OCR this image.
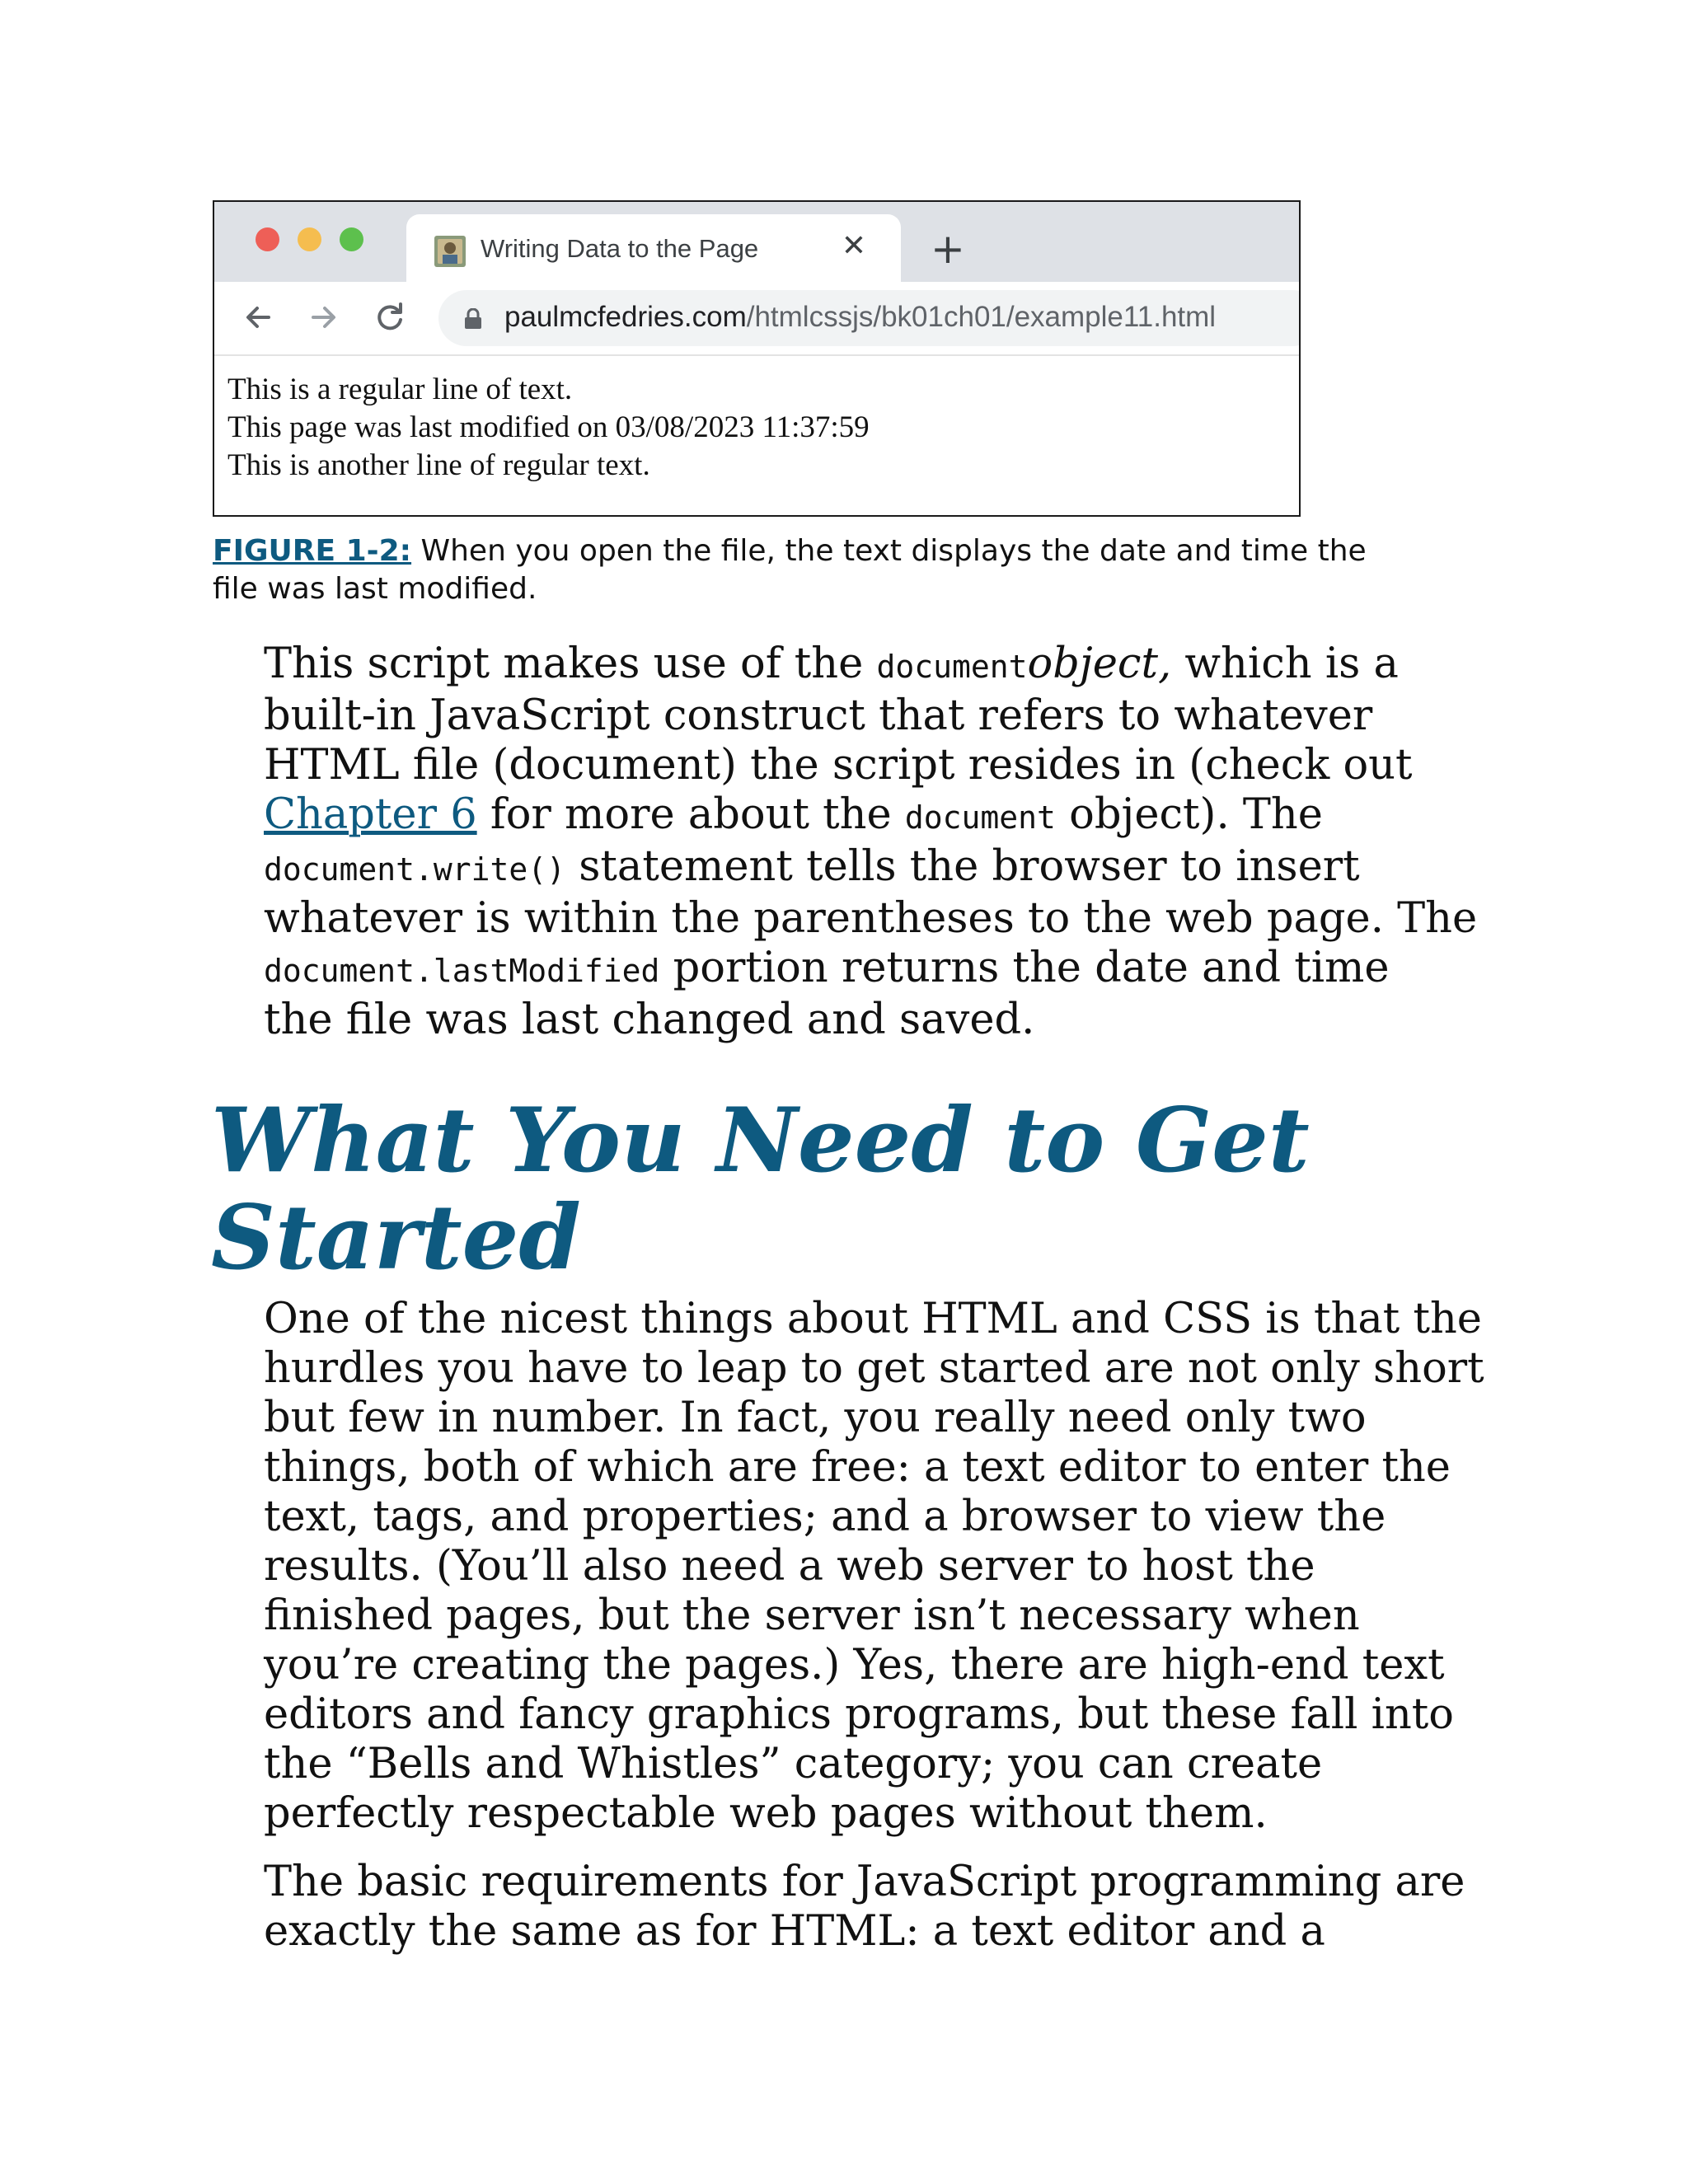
Writing Data to the Page	✕ +
paulmcfedries.com/htmlcssjs/bk01ch01/example11.html
This is a regular line of text.
This page was last modified on 03/08/2023 11:37:59
This is another line of regular text.
FIGURE 1-2: When you open the file, the text displays the date and time the
file was last modified.
This script makes use of the documentobject, which is a
built-in JavaScript construct that refers to whatever
HTML file (document) the script resides in (check out
Chapter 6 for more about the document object). The
document.write() statement tells the browser to insert
whatever is within the parentheses to the web page. The
document.lastModified portion returns the date and time
the file was last changed and saved.
What You Need to Get
Started
One of the nicest things about HTML and CSS is that the
hurdles you have to leap to get started are not only short
but few in number. In fact, you really need only two
things, both of which are free: a text editor to enter the
text, tags, and properties; and a browser to view the
results. (You’ll also need a web server to host the
finished pages, but the server isn’t necessary when
you’re creating the pages.) Yes, there are high-end text
editors and fancy graphics programs, but these fall into
the “Bells and Whistles” category; you can create
perfectly respectable web pages without them.
The basic requirements for JavaScript programming are
exactly the same as for HTML: a text editor and a
